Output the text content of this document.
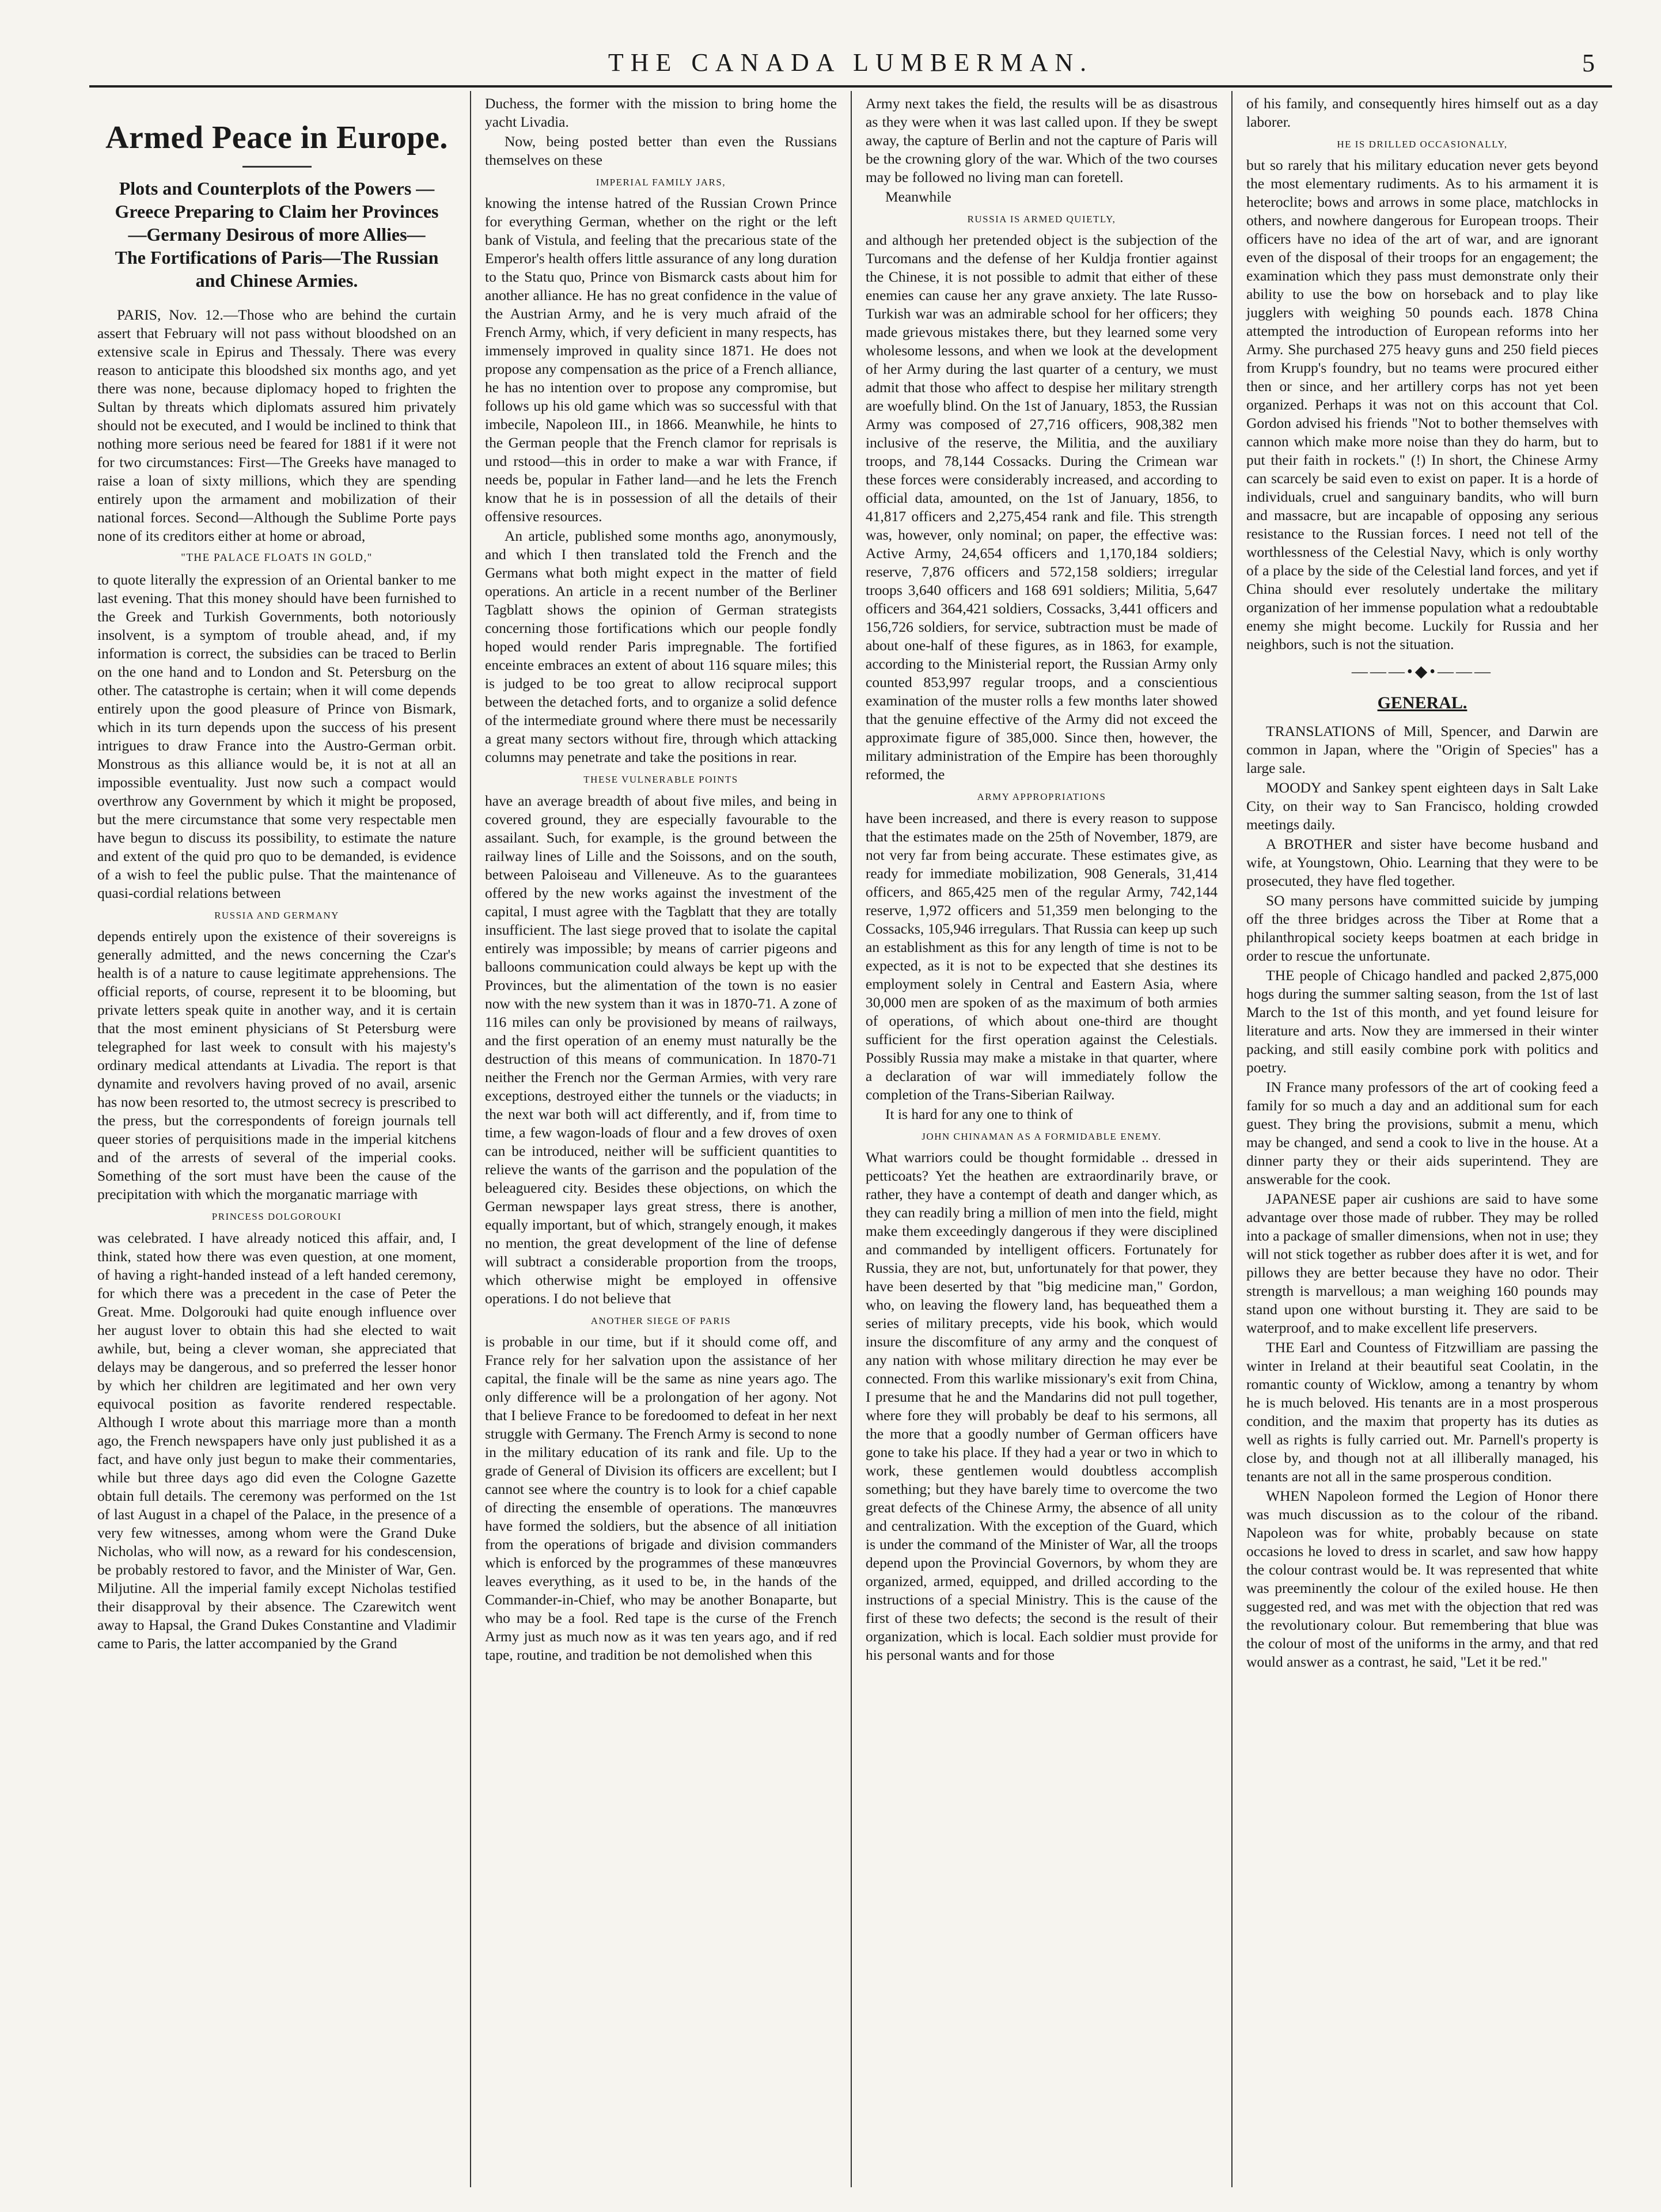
THE CANADA LUMBERMAN.	5
Armed Peace in Europe.
Plots and Counterplots of the Powers —Greece Preparing to Claim her Provinces—Germany Desirous of more Allies—The Fortifications of Paris—The Russian and Chinese Armies.

PARIS, Nov. 12.—Those who are behind the curtain assert that February will not pass without bloodshed on an extensive scale in Epirus and Thessaly. There was every reason to anticipate this bloodshed six months ago, and yet there was none, because diplomacy hoped to frighten the Sultan by threats which diplomats assured him privately should not be executed, and I would be inclined to think that nothing more serious need be feared for 1881 if it were not for two circumstances: First—The Greeks have managed to raise a loan of sixty millions, which they are spending entirely upon the armament and mobilization of their national forces. Second—Although the Sublime Porte pays none of its creditors either at home or abroad,

"THE PALACE FLOATS IN GOLD,"

to quote literally the expression of an Oriental banker to me last evening. That this money should have been furnished to the Greek and Turkish Governments, both notoriously insolvent, is a symptom of trouble ahead, and, if my information is correct, the subsidies can be traced to Berlin on the one hand and to London and St. Petersburg on the other. The catastrophe is certain; when it will come depends entirely upon the good pleasure of Prince von Bismark, which in its turn depends upon the success of his present intrigues to draw France into the Austro-German orbit. Monstrous as this alliance would be, it is not at all an impossible eventuality. Just now such a compact would overthrow any Government by which it might be proposed, but the mere circumstance that some very respectable men have begun to discuss its possibility, to estimate the nature and extent of the quid pro quo to be demanded, is evidence of a wish to feel the public pulse. That the maintenance of quasi-cordial relations between

RUSSIA AND GERMANY

depends entirely upon the existence of their sovereigns is generally admitted, and the news concerning the Czar's health is of a nature to cause legitimate apprehensions. The official reports, of course, represent it to be blooming, but private letters speak quite in another way, and it is certain that the most eminent physicians of St Petersburg were telegraphed for last week to consult with his majesty's ordinary medical attendants at Livadia. The report is that dynamite and revolvers having proved of no avail, arsenic has now been resorted to, the utmost secrecy is prescribed to the press, but the correspondents of foreign journals tell queer stories of perquisitions made in the imperial kitchens and of the arrests of several of the imperial cooks. Something of the sort must have been the cause of the precipitation with which the morganatic marriage with

PRINCESS DOLGOROUKI

was celebrated. I have already noticed this affair, and, I think, stated how there was even question, at one moment, of having a right-handed instead of a left handed ceremony, for which there was a precedent in the case of Peter the Great. Mme. Dolgorouki had quite enough influence over her august lover to obtain this had she elected to wait awhile, but, being a clever woman, she appreciated that delays may be dangerous, and so preferred the lesser honor by which her children are legitimated and her own very equivocal position as favorite rendered respectable. Although I wrote about this marriage more than a month ago, the French newspapers have only just published it as a fact, and have only just begun to make their commentaries, while but three days ago did even the Cologne Gazette obtain full details. The ceremony was performed on the 1st of last August in a chapel of the Palace, in the presence of a very few witnesses, among whom were the Grand Duke Nicholas, who will now, as a reward for his condescension, be probably restored to favor, and the Minister of War, Gen. Miljutine. All the imperial family except Nicholas testified their disapproval by their absence. The Czarewitch went away to Hapsal, the Grand Dukes Constantine and Vladimir came to Paris, the latter accompanied by the Grand

Duchess, the former with the mission to bring home the yacht Livadia.

Now, being posted better than even the Russians themselves on these

IMPERIAL FAMILY JARS,

knowing the intense hatred of the Russian Crown Prince for everything German, whether on the right or the left bank of Vistula, and feeling that the precarious state of the Emperor's health offers little assurance of any long duration to the Statu quo, Prince von Bismarck casts about him for another alliance. He has no great confidence in the value of the Austrian Army, and he is very much afraid of the French Army, which, if very deficient in many respects, has immensely improved in quality since 1871. He does not propose any compensation as the price of a French alliance, he has no intention over to propose any compromise, but follows up his old game which was so successful with that imbecile, Napoleon III., in 1866. Meanwhile, he hints to the German people that the French clamor for reprisals is und rstood—this in order to make a war with France, if needs be, popular in Father land—and he lets the French know that he is in possession of all the details of their offensive resources.

An article, published some months ago, anonymously, and which I then translated told the French and the Germans what both might expect in the matter of field operations. An article in a recent number of the Berliner Tagblatt shows the opinion of German strategists concerning those fortifications which our people fondly hoped would render Paris impregnable. The fortified enceinte embraces an extent of about 116 square miles; this is judged to be too great to allow reciprocal support between the detached forts, and to organize a solid defence of the intermediate ground where there must be necessarily a great many sectors without fire, through which attacking columns may penetrate and take the positions in rear.

THESE VULNERABLE POINTS

have an average breadth of about five miles, and being in covered ground, they are especially favourable to the assailant. Such, for example, is the ground between the railway lines of Lille and the Soissons, and on the south, between Paloiseau and Villeneuve. As to the guarantees offered by the new works against the investment of the capital, I must agree with the Tagblatt that they are totally insufficient. The last siege proved that to isolate the capital entirely was impossible; by means of carrier pigeons and balloons communication could always be kept up with the Provinces, but the alimentation of the town is no easier now with the new system than it was in 1870-71. A zone of 116 miles can only be provisioned by means of railways, and the first operation of an enemy must naturally be the destruction of this means of communication. In 1870-71 neither the French nor the German Armies, with very rare exceptions, destroyed either the tunnels or the viaducts; in the next war both will act differently, and if, from time to time, a few wagon-loads of flour and a few droves of oxen can be introduced, neither will be sufficient quantities to relieve the wants of the garrison and the population of the beleaguered city. Besides these objections, on which the German newspaper lays great stress, there is another, equally important, but of which, strangely enough, it makes no mention, the great development of the line of defense will subtract a considerable proportion from the troops, which otherwise might be employed in offensive operations. I do not believe that

ANOTHER SIEGE OF PARIS

is probable in our time, but if it should come off, and France rely for her salvation upon the assistance of her capital, the finale will be the same as nine years ago. The only difference will be a prolongation of her agony. Not that I believe France to be foredoomed to defeat in her next struggle with Germany. The French Army is second to none in the military education of its rank and file. Up to the grade of General of Division its officers are excellent; but I cannot see where the country is to look for a chief capable of directing the ensemble of operations. The manœuvres have formed the soldiers, but the absence of all initiation from the operations of brigade and division commanders which is enforced by the programmes of these manœuvres leaves everything, as it used to be, in the hands of the Commander-in-Chief, who may be another Bonaparte, but who may be a fool. Red tape is the curse of the French Army just as much now as it was ten years ago, and if red tape, routine, and tradition be not demolished when this

Army next takes the field, the results will be as disastrous as they were when it was last called upon. If they be swept away, the capture of Berlin and not the capture of Paris will be the crowning glory of the war. Which of the two courses may be followed no living man can foretell.

Meanwhile

RUSSIA IS ARMED QUIETLY,

and although her pretended object is the subjection of the Turcomans and the defense of her Kuldja frontier against the Chinese, it is not possible to admit that either of these enemies can cause her any grave anxiety. The late Russo-Turkish war was an admirable school for her officers; they made grievous mistakes there, but they learned some very wholesome lessons, and when we look at the development of her Army during the last quarter of a century, we must admit that those who affect to despise her military strength are woefully blind. On the 1st of January, 1853, the Russian Army was composed of 27,716 officers, 908,382 men inclusive of the reserve, the Militia, and the auxiliary troops, and 78,144 Cossacks. During the Crimean war these forces were considerably increased, and according to official data, amounted, on the 1st of January, 1856, to 41,817 officers and 2,275,454 rank and file. This strength was, however, only nominal; on paper, the effective was: Active Army, 24,654 officers and 1,170,184 soldiers; reserve, 7,876 officers and 572,158 soldiers; irregular troops 3,640 officers and 168 691 soldiers; Militia, 5,647 officers and 364,421 soldiers, Cossacks, 3,441 officers and 156,726 soldiers, for service, subtraction must be made of about one-half of these figures, as in 1863, for example, according to the Ministerial report, the Russian Army only counted 853,997 regular troops, and a conscientious examination of the muster rolls a few months later showed that the genuine effective of the Army did not exceed the approximate figure of 385,000. Since then, however, the military administration of the Empire has been thoroughly reformed, the

ARMY APPROPRIATIONS

have been increased, and there is every reason to suppose that the estimates made on the 25th of November, 1879, are not very far from being accurate. These estimates give, as ready for immediate mobilization, 908 Generals, 31,414 officers, and 865,425 men of the regular Army, 742,144 reserve, 1,972 officers and 51,359 men belonging to the Cossacks, 105,946 irregulars. That Russia can keep up such an establishment as this for any length of time is not to be expected, as it is not to be expected that she destines its employment solely in Central and Eastern Asia, where 30,000 men are spoken of as the maximum of both armies of operations, of which about one-third are thought sufficient for the first operation against the Celestials. Possibly Russia may make a mistake in that quarter, where a declaration of war will immediately follow the completion of the Trans-Siberian Railway.

It is hard for any one to think of

JOHN CHINAMAN AS A FORMIDABLE ENEMY.

What warriors could be thought formidable .. dressed in petticoats? Yet the heathen are extraordinarily brave, or rather, they have a contempt of death and danger which, as they can readily bring a million of men into the field, might make them exceedingly dangerous if they were disciplined and commanded by intelligent officers. Fortunately for Russia, they are not, but, unfortunately for that power, they have been deserted by that "big medicine man," Gordon, who, on leaving the flowery land, has bequeathed them a series of military precepts, vide his book, which would insure the discomfiture of any army and the conquest of any nation with whose military direction he may ever be connected. From this warlike missionary's exit from China, I presume that he and the Mandarins did not pull together, where fore they will probably be deaf to his sermons, all the more that a goodly number of German officers have gone to take his place. If they had a year or two in which to work, these gentlemen would doubtless accomplish something; but they have barely time to overcome the two great defects of the Chinese Army, the absence of all unity and centralization. With the exception of the Guard, which is under the command of the Minister of War, all the troops depend upon the Provincial Governors, by whom they are organized, armed, equipped, and drilled according to the instructions of a special Ministry. This is the cause of the first of these two defects; the second is the result of their organization, which is local. Each soldier must provide for his personal wants and for those

of his family, and consequently hires himself out as a day laborer.

HE IS DRILLED OCCASIONALLY,

but so rarely that his military education never gets beyond the most elementary rudiments. As to his armament it is heteroclite; bows and arrows in some place, matchlocks in others, and nowhere dangerous for European troops. Their officers have no idea of the art of war, and are ignorant even of the disposal of their troops for an engagement; the examination which they pass must demonstrate only their ability to use the bow on horseback and to play like jugglers with weighing 50 pounds each. 1878 China attempted the introduction of European reforms into her Army. She purchased 275 heavy guns and 250 field pieces from Krupp's foundry, but no teams were procured either then or since, and her artillery corps has not yet been organized. Perhaps it was not on this account that Col. Gordon advised his friends "Not to bother themselves with cannon which make more noise than they do harm, but to put their faith in rockets." (!) In short, the Chinese Army can scarcely be said even to exist on paper. It is a horde of individuals, cruel and sanguinary bandits, who will burn and massacre, but are incapable of opposing any serious resistance to the Russian forces. I need not tell of the worthlessness of the Celestial Navy, which is only worthy of a place by the side of the Celestial land forces, and yet if China should ever resolutely undertake the military organization of her immense population what a redoubtable enemy she might become. Luckily for Russia and her neighbors, such is not the situation.

———•◆•———
GENERAL.

TRANSLATIONS of Mill, Spencer, and Darwin are common in Japan, where the "Origin of Species" has a large sale.

MOODY and Sankey spent eighteen days in Salt Lake City, on their way to San Francisco, holding crowded meetings daily.

A BROTHER and sister have become husband and wife, at Youngstown, Ohio. Learning that they were to be prosecuted, they have fled together.

SO many persons have committed suicide by jumping off the three bridges across the Tiber at Rome that a philanthropical society keeps boatmen at each bridge in order to rescue the unfortunate.

THE people of Chicago handled and packed 2,875,000 hogs during the summer salting season, from the 1st of last March to the 1st of this month, and yet found leisure for literature and arts. Now they are immersed in their winter packing, and still easily combine pork with politics and poetry.

IN France many professors of the art of cooking feed a family for so much a day and an additional sum for each guest. They bring the provisions, submit a menu, which may be changed, and send a cook to live in the house. At a dinner party they or their aids superintend. They are answerable for the cook.

JAPANESE paper air cushions are said to have some advantage over those made of rubber. They may be rolled into a package of smaller dimensions, when not in use; they will not stick together as rubber does after it is wet, and for pillows they are better because they have no odor. Their strength is marvellous; a man weighing 160 pounds may stand upon one without bursting it. They are said to be waterproof, and to make excellent life preservers.

THE Earl and Countess of Fitzwilliam are passing the winter in Ireland at their beautiful seat Coolatin, in the romantic county of Wicklow, among a tenantry by whom he is much beloved. His tenants are in a most prosperous condition, and the maxim that property has its duties as well as rights is fully carried out. Mr. Parnell's property is close by, and though not at all illiberally managed, his tenants are not all in the same prosperous condition.

WHEN Napoleon formed the Legion of Honor there was much discussion as to the colour of the riband. Napoleon was for white, probably because on state occasions he loved to dress in scarlet, and saw how happy the colour contrast would be. It was represented that white was preeminently the colour of the exiled house. He then suggested red, and was met with the objection that red was the revolutionary colour. But remembering that blue was the colour of most of the uniforms in the army, and that red would answer as a contrast, he said, "Let it be red."
